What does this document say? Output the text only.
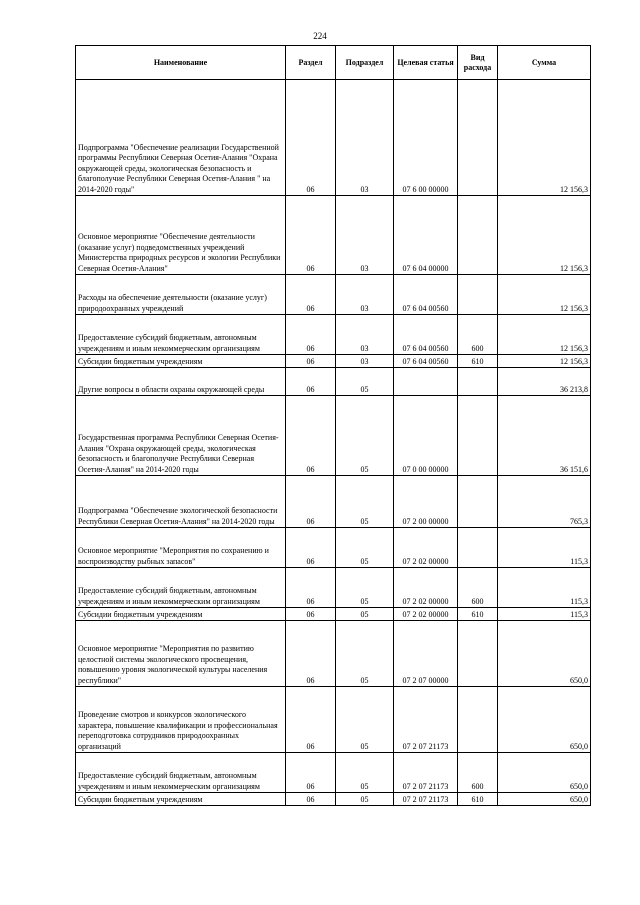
224
Наименование	Раздел	Подраздел	Целевая статья	Вид расхода	Сумма
Подпрограмма "Обеспечение реализации Государственной программы Республики Северная Осетия-Алания "Охрана окружающей среды, экологическая безопасность и благополучие Республики Северная Осетия-Алания " на 2014-2020 годы"	06	03	07 6 00 00000		12 156,3
Основное мероприятие "Обеспечение деятельности (оказание услуг) подведомственных учреждений Министерства природных ресурсов и экологии Республики Северная Осетия-Алания"	06	03	07 6 04 00000		12 156,3
Расходы на обеспечение деятельности (оказание услуг) природоохранных учреждений	06	03	07 6 04 00560		12 156,3
Предоставление субсидий бюджетным, автономным учреждениям и иным некоммерческим организациям	06	03	07 6 04 00560	600	12 156,3
Субсидии бюджетным учреждениям	06	03	07 6 04 00560	610	12 156,3
Другие вопросы в области охраны окружающей среды	06	05			36 213,8
Государственная программа Республики Северная Осетия-Алания "Охрана окружающей среды, экологическая безопасность и благополучие Республики Северная Осетия-Алания" на 2014-2020 годы	06	05	07 0 00 00000		36 151,6
Подпрограмма "Обеспечение экологической безопасности Республики Северная Осетия-Алания" на 2014-2020 годы	06	05	07 2 00 00000		765,3
Основное мероприятие "Мероприятия по сохранению и воспроизводству рыбных запасов"	06	05	07 2 02 00000		115,3
Предоставление субсидий бюджетным, автономным учреждениям и иным некоммерческим организациям	06	05	07 2 02 00000	600	115,3
Субсидии бюджетным учреждениям	06	05	07 2 02 00000	610	115,3
Основное мероприятие "Мероприятия по развитию целостной системы экологического просвещения, повышению уровня экологической культуры населения республики"	06	05	07 2 07 00000		650,0
Проведение смотров и конкурсов экологического характера, повышение квалификации и профессиональная переподготовка сотрудников природоохранных организаций	06	05	07 2 07 21173		650,0
Предоставление субсидий бюджетным, автономным учреждениям и иным некоммерческим организациям	06	05	07 2 07 21173	600	650,0
Субсидии бюджетным учреждениям	06	05	07 2 07 21173	610	650,0
